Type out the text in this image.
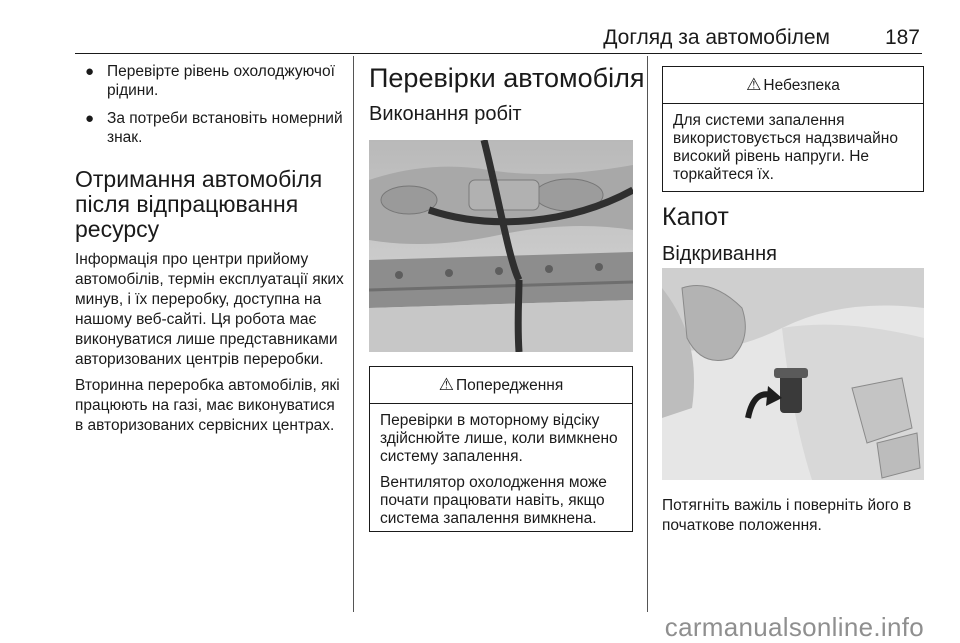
Догляд за автомобілем	187
● Перевірте рівень охолоджуючої рідини.
● За потреби встановіть номерний знак.
Отримання автомобіля після відпрацювання ресурсу

Інформація про центри прийому автомобілів, термін експлуатації яких минув, і їх переробку, доступна на нашому веб-сайті. Ця робота має виконуватися лише представниками авторизованих центрів переробки.

Вторинна переробка автомобілів, які працюють на газі, має виконуватися в авторизованих сервісних центрах.

Перевірки автомобіля
Виконання робіт
⚠ Попередження

Перевірки в моторному відсіку здійснюйте лише, коли вимкнено систему запалення.

Вентилятор охолодження може почати працювати навіть, якщо система запалення вимкнена.

⚠ Небезпека

Для системи запалення використовується надзвичайно високий рівень напруги. Не торкайтеся їх.

Капот
Відкривання
Потягніть важіль і поверніть його в початкове положення.
carmanualsonline.info
